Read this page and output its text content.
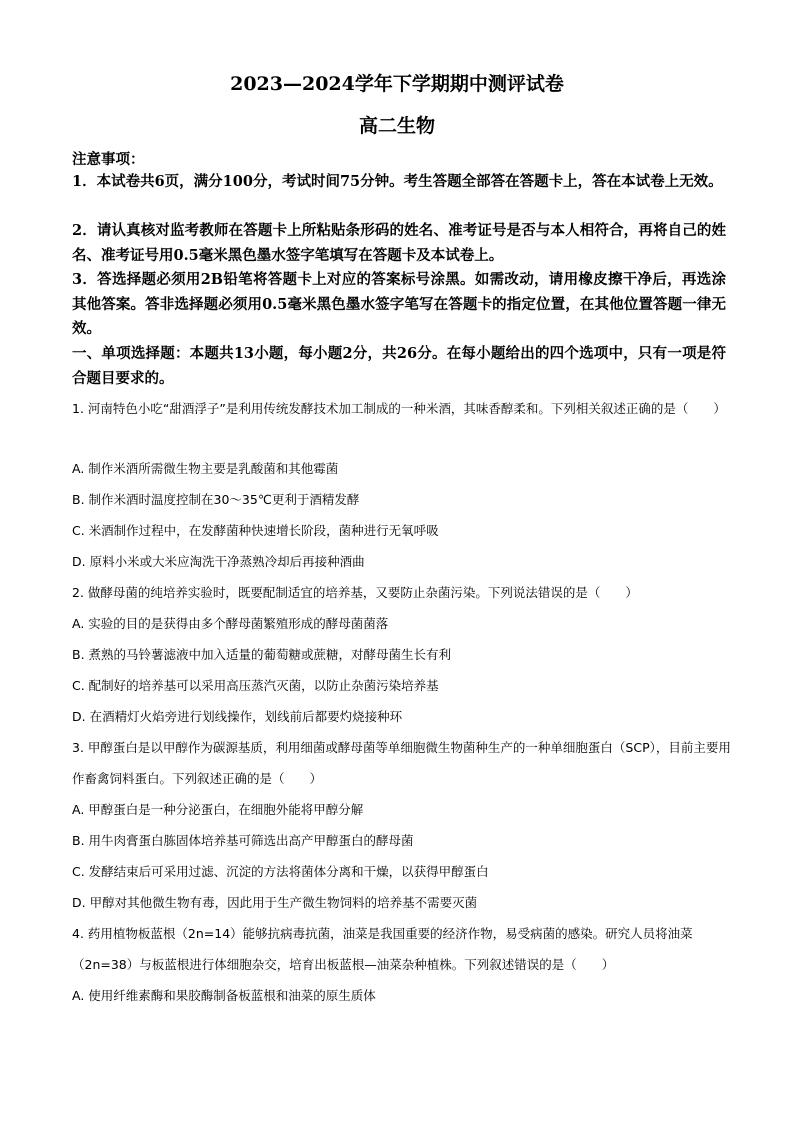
2023—2024学年下学期期中测评试卷
高二生物
注意事项：
1．本试卷共6页，满分100分，考试时间75分钟。考生答题全部答在答题卡上，答在本试卷上无效。
2．请认真核对监考教师在答题卡上所粘贴条形码的姓名、准考证号是否与本人相符合，再将自己的姓名、准考证号用0.5毫米黑色墨水签字笔填写在答题卡及本试卷上。
3．答选择题必须用2B铅笔将答题卡上对应的答案标号涂黑。如需改动，请用橡皮擦干净后，再选涂其他答案。答非选择题必须用0.5毫米黑色墨水签字笔写在答题卡的指定位置，在其他位置答题一律无效。
一、单项选择题：本题共13小题，每小题2分，共26分。在每小题给出的四个选项中，只有一项是符合题目要求的。
1. 河南特色小吃“甜酒浮子”是利用传统发酵技术加工制成的一种米酒，其味香醇柔和。下列相关叙述正确的是（　　）
A. 制作米酒所需微生物主要是乳酸菌和其他霉菌
B. 制作米酒时温度控制在30～35℃更利于酒精发酵
C. 米酒制作过程中，在发酵菌种快速增长阶段，菌种进行无氧呼吸
D. 原料小米或大米应淘洗干净蒸熟冷却后再接种酒曲
2. 做酵母菌的纯培养实验时，既要配制适宜的培养基，又要防止杂菌污染。下列说法错误的是（　　）
A. 实验的目的是获得由多个酵母菌繁殖形成的酵母菌菌落
B. 煮熟的马铃薯滤液中加入适量的葡萄糖或蔗糖，对酵母菌生长有利
C. 配制好的培养基可以采用高压蒸汽灭菌，以防止杂菌污染培养基
D. 在酒精灯火焰旁进行划线操作，划线前后都要灼烧接种环
3. 甲醇蛋白是以甲醇作为碳源基质，利用细菌或酵母菌等单细胞微生物菌种生产的一种单细胞蛋白（SCP），目前主要用作畜禽饲料蛋白。下列叙述正确的是（　　）
A. 甲醇蛋白是一种分泌蛋白，在细胞外能将甲醇分解
B. 用牛肉膏蛋白胨固体培养基可筛选出高产甲醇蛋白的酵母菌
C. 发酵结束后可采用过滤、沉淀的方法将菌体分离和干燥，以获得甲醇蛋白
D. 甲醇对其他微生物有毒，因此用于生产微生物饲料的培养基不需要灭菌
4. 药用植物板蓝根（2n=14）能够抗病毒抗菌，油菜是我国重要的经济作物，易受病菌的感染。研究人员将油菜（2n=38）与板蓝根进行体细胞杂交，培育出板蓝根—油菜杂种植株。下列叙述错误的是（　　）
A. 使用纤维素酶和果胶酶制备板蓝根和油菜的原生质体
